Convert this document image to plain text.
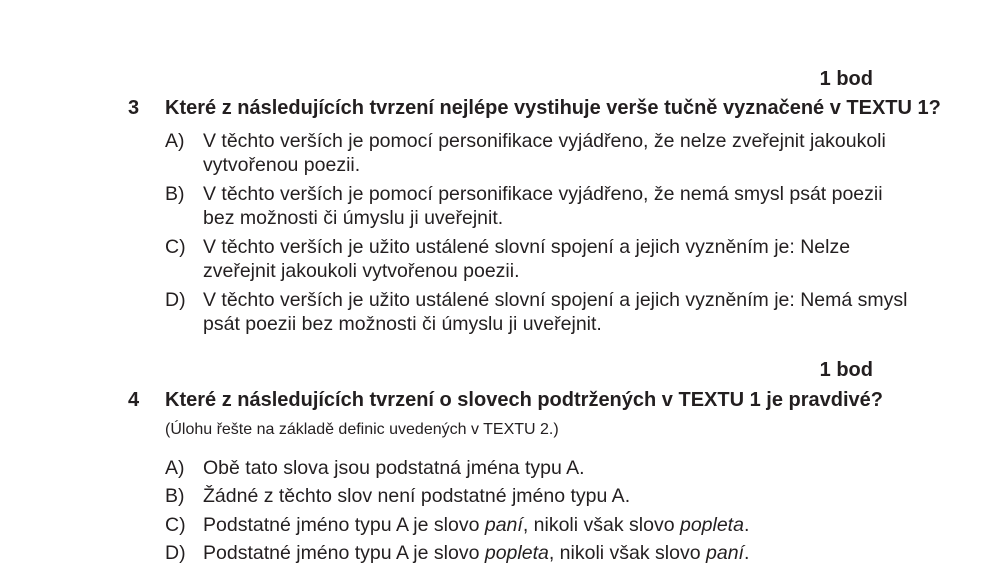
1 bod
3 Které z následujících tvrzení nejlépe vystihuje verše tučně vyznačené v TEXTU 1?
A) V těchto verších je pomocí personifikace vyjádřeno, že nelze zveřejnit jakoukoli
vytvořenou poezii.
B) V těchto verších je pomocí personifikace vyjádřeno, že nemá smysl psát poezii
bez možnosti či úmyslu ji uveřejnit.
C) V těchto verších je užito ustálené slovní spojení a jejich vyzněním je: Nelze
zveřejnit jakoukoli vytvořenou poezii.
D) V těchto verších je užito ustálené slovní spojení a jejich vyzněním je: Nemá smysl
psát poezii bez možnosti či úmyslu ji uveřejnit.
1 bod
4 Které z následujících tvrzení o slovech podtržených v TEXTU 1 je pravdivé?
(Úlohu řešte na základě definic uvedených v TEXTU 2.)
A) Obě tato slova jsou podstatná jména typu A.
B) Žádné z těchto slov není podstatné jméno typu A.
C) Podstatné jméno typu A je slovo paní, nikoli však slovo popleta.
D) Podstatné jméno typu A je slovo popleta, nikoli však slovo paní.
